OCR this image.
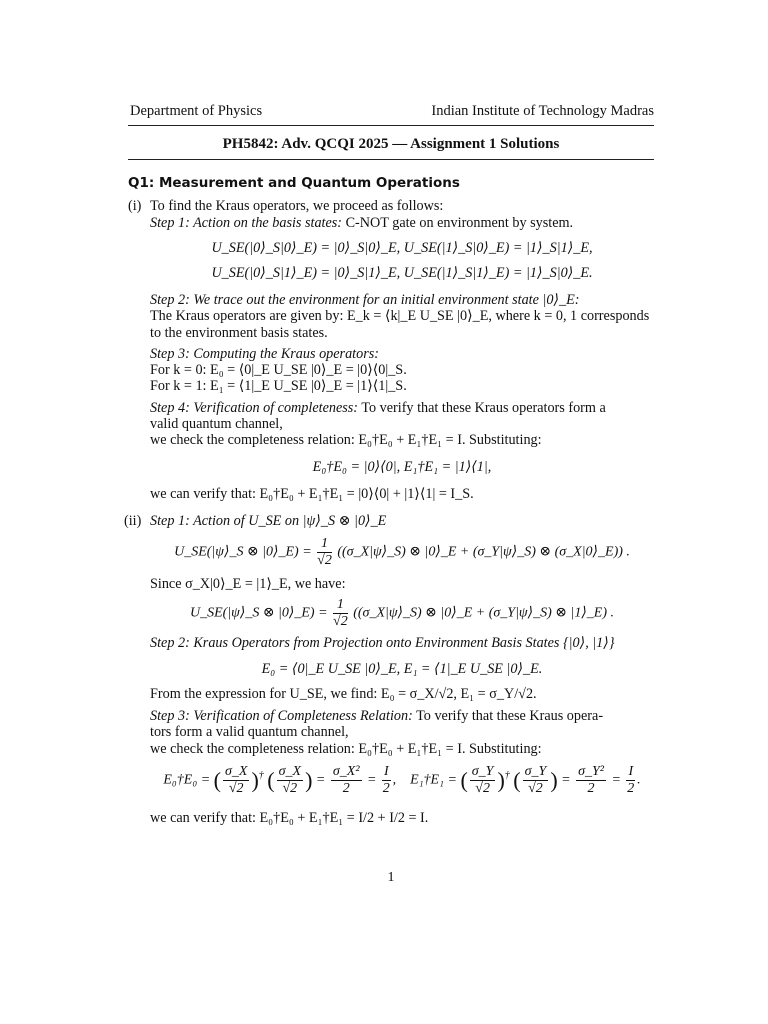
Department of Physics	Indian Institute of Technology Madras
PH5842: Adv. QCQI 2025 — Assignment 1 Solutions
Q1: Measurement and Quantum Operations
(i) To find the Kraus operators, we proceed as follows:
Step 1: Action on the basis states: C-NOT gate on environment by system.
U_SE(|0⟩_S|0⟩_E) = |0⟩_S|0⟩_E, U_SE(|1⟩_S|0⟩_E) = |1⟩_S|1⟩_E,
U_SE(|0⟩_S|1⟩_E) = |0⟩_S|1⟩_E, U_SE(|1⟩_S|1⟩_E) = |1⟩_S|0⟩_E.
Step 2: We trace out the environment for an initial environment state |0⟩_E:
The Kraus operators are given by: E_k = ⟨k|_E U_SE |0⟩_E, where k = 0, 1 corresponds
to the environment basis states.
Step 3: Computing the Kraus operators:
For k = 0: E₀ = ⟨0|_E U_SE |0⟩_E = |0⟩⟨0|_S.
For k = 1: E₁ = ⟨1|_E U_SE |0⟩_E = |1⟩⟨1|_S.
Step 4: Verification of completeness: To verify that these Kraus operators form a
valid quantum channel,
we check the completeness relation: E₀†E₀ + E₁†E₁ = I. Substituting:
E₀†E₀ = |0⟩⟨0|, E₁†E₁ = |1⟩⟨1|,
we can verify that: E₀†E₀ + E₁†E₁ = |0⟩⟨0| + |1⟩⟨1| = I_S.
(ii) Step 1: Action of U_SE on |ψ⟩_S ⊗ |0⟩_E
U_SE(|ψ⟩_S ⊗ |0⟩_E) = $\frac{1}{√2}$ ((σ_X|ψ⟩_S) ⊗ |0⟩_E + (σ_Y|ψ⟩_S) ⊗ (σ_X|0⟩_E)) .
Since σ_X|0⟩_E = |1⟩_E, we have:
U_SE(|ψ⟩_S ⊗ |0⟩_E) = $\frac{1}{√2}$ ((σ_X|ψ⟩_S) ⊗ |0⟩_E + (σ_Y|ψ⟩_S) ⊗ |1⟩_E) .
Step 2: Kraus Operators from Projection onto Environment Basis States {|0⟩, |1⟩}
E₀ = ⟨0|_E U_SE |0⟩_E, E₁ = ⟨1|_E U_SE |0⟩_E.
From the expression for U_SE, we find: E₀ = σ_X/√2, E₁ = σ_Y/√2.
Step 3: Verification of Completeness Relation: To verify that these Kraus opera-
tors form a valid quantum channel,
we check the completeness relation: E₀†E₀ + E₁†E₁ = I. Substituting:
E₀†E₀ = ( $\frac{\sigma\_X}{√2} )^\dagger$ ( $\frac{\sigma\_X}{√2}$ ) = $\frac{\text{σ\_X²}}{2} = \frac{I}{2}$ ,    E₁†E₁ = ( $\frac{\sigma\_Y}{√2} )^\dagger$ ( $\frac{\sigma\_Y}{√2}$ ) = $\frac{\text{σ\_Y²}}{2} = \frac{I}{2}$ .
we can verify that: E₀†E₀ + E₁†E₁ = I/2 + I/2 = I.
1
